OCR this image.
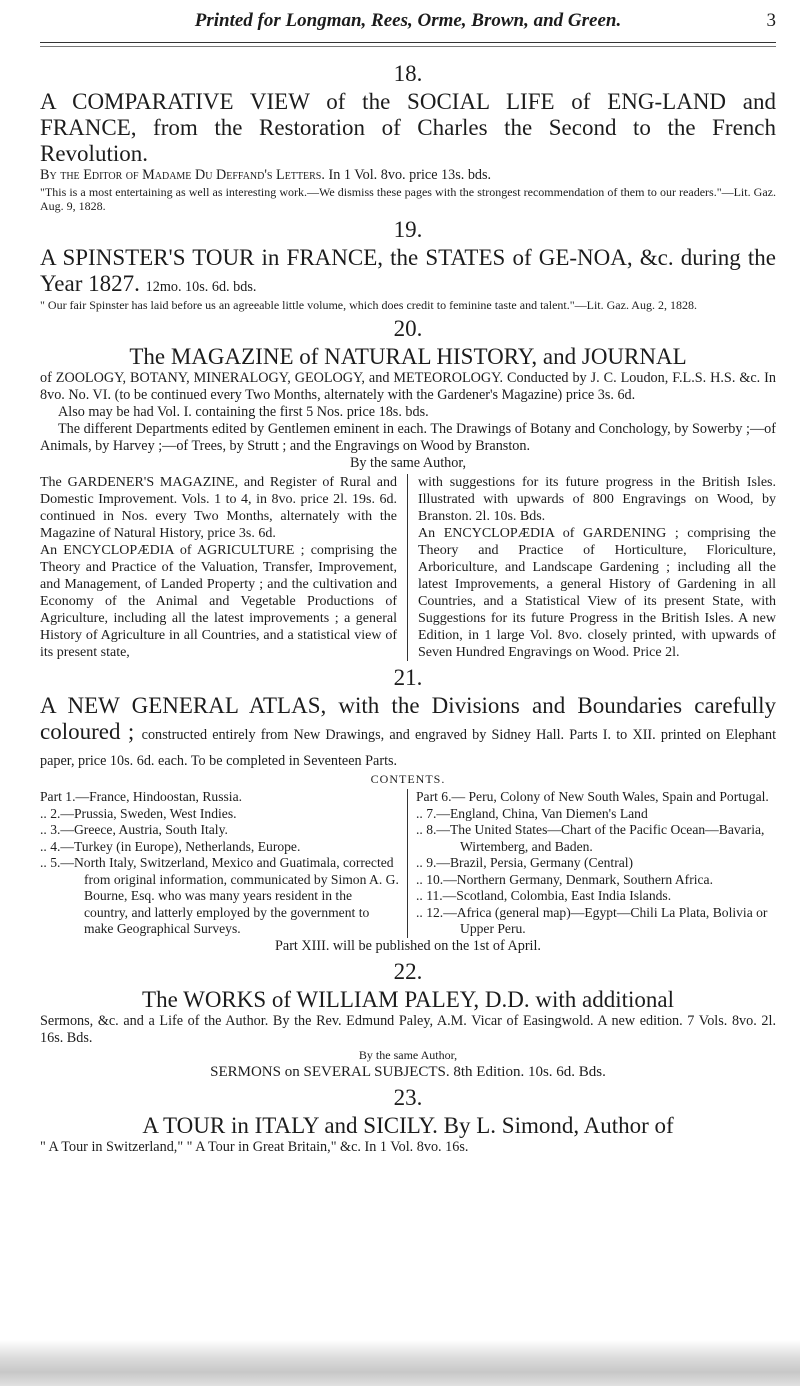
Printed for Longman, Rees, Orme, Brown, and Green.	3
18.

A COMPARATIVE VIEW of the SOCIAL LIFE of ENG-LAND and FRANCE, from the Restoration of Charles the Second to the French Revolution.

By the Editor of Madame Du Deffand's Letters. In 1 Vol. 8vo. price 13s. bds.

"This is a most entertaining as well as interesting work.—We dismiss these pages with the strongest recommendation of them to our readers."—Lit. Gaz. Aug. 9, 1828.

19.

A SPINSTER'S TOUR in FRANCE, the STATES of GE-NOA, &c. during the Year 1827. 12mo. 10s. 6d. bds.

" Our fair Spinster has laid before us an agreeable little volume, which does credit to feminine taste and talent."—Lit. Gaz. Aug. 2, 1828.

20.

The MAGAZINE of NATURAL HISTORY, and JOURNAL

of ZOOLOGY, BOTANY, MINERALOGY, GEOLOGY, and METEOROLOGY. Conducted by J. C. Loudon, F.L.S. H.S. &c. In 8vo. No. VI. (to be continued every Two Months, alternately with the Gardener's Magazine) price 3s. 6d.

Also may be had Vol. I. containing the first 5 Nos. price 18s. bds.

The different Departments edited by Gentlemen eminent in each. The Drawings of Botany and Conchology, by Sowerby ;—of Animals, by Harvey ;—of Trees, by Strutt ; and the Engravings on Wood by Branston.

By the same Author,

The GARDENER'S MAGAZINE, and Register of Rural and Domestic Improvement. Vols. 1 to 4, in 8vo. price 2l. 19s. 6d. continued in Nos. every Two Months, alternately with the Magazine of Natural History, price 3s. 6d.

An ENCYCLOPÆDIA of AGRICULTURE ; comprising the Theory and Practice of the Valuation, Transfer, Improvement, and Management, of Landed Property ; and the cultivation and Economy of the Animal and Vegetable Productions of Agriculture, including all the latest improvements ; a general History of Agriculture in all Countries, and a statistical view of its present state,

with suggestions for its future progress in the British Isles. Illustrated with upwards of 800 Engravings on Wood, by Branston. 2l. 10s. Bds.

An ENCYCLOPÆDIA of GARDENING ; comprising the Theory and Practice of Horticulture, Floriculture, Arboriculture, and Landscape Gardening ; including all the latest Improvements, a general History of Gardening in all Countries, and a Statistical View of its present State, with Suggestions for its future Progress in the British Isles. A new Edition, in 1 large Vol. 8vo. closely printed, with upwards of Seven Hundred Engravings on Wood. Price 2l.

21.

A NEW GENERAL ATLAS, with the Divisions and Boundaries carefully coloured ; constructed entirely from New Drawings, and engraved by Sidney Hall. Parts I. to XII. printed on Elephant paper, price 10s. 6d. each. To be completed in Seventeen Parts.

CONTENTS.

Part 1.—France, Hindoostan, Russia.
.. 2.—Prussia, Sweden, West Indies.
.. 3.—Greece, Austria, South Italy.
.. 4.—Turkey (in Europe), Netherlands, Europe.
.. 5.—North Italy, Switzerland, Mexico and Guatimala, corrected from original information, communicated by Simon A. G. Bourne, Esq. who was many years resident in the country, and latterly employed by the government to make Geographical Surveys.
Part 6.— Peru, Colony of New South Wales, Spain and Portugal.
.. 7.—England, China, Van Diemen's Land
.. 8.—The United States—Chart of the Pacific Ocean—Bavaria, Wirtemberg, and Baden.
.. 9.—Brazil, Persia, Germany (Central)
.. 10.—Northern Germany, Denmark, Southern Africa.
.. 11.—Scotland, Colombia, East India Islands.
.. 12.—Africa (general map)—Egypt—Chili La Plata, Bolivia or Upper Peru.

Part XIII. will be published on the 1st of April.

22.

The WORKS of WILLIAM PALEY, D.D. with additional

Sermons, &c. and a Life of the Author. By the Rev. Edmund Paley, A.M. Vicar of Easingwold. A new edition. 7 Vols. 8vo. 2l. 16s. Bds.

By the same Author,

SERMONS on SEVERAL SUBJECTS. 8th Edition. 10s. 6d. Bds.

23.

A TOUR in ITALY and SICILY. By L. Simond, Author of

" A Tour in Switzerland," " A Tour in Great Britain," &c. In 1 Vol. 8vo. 16s.
